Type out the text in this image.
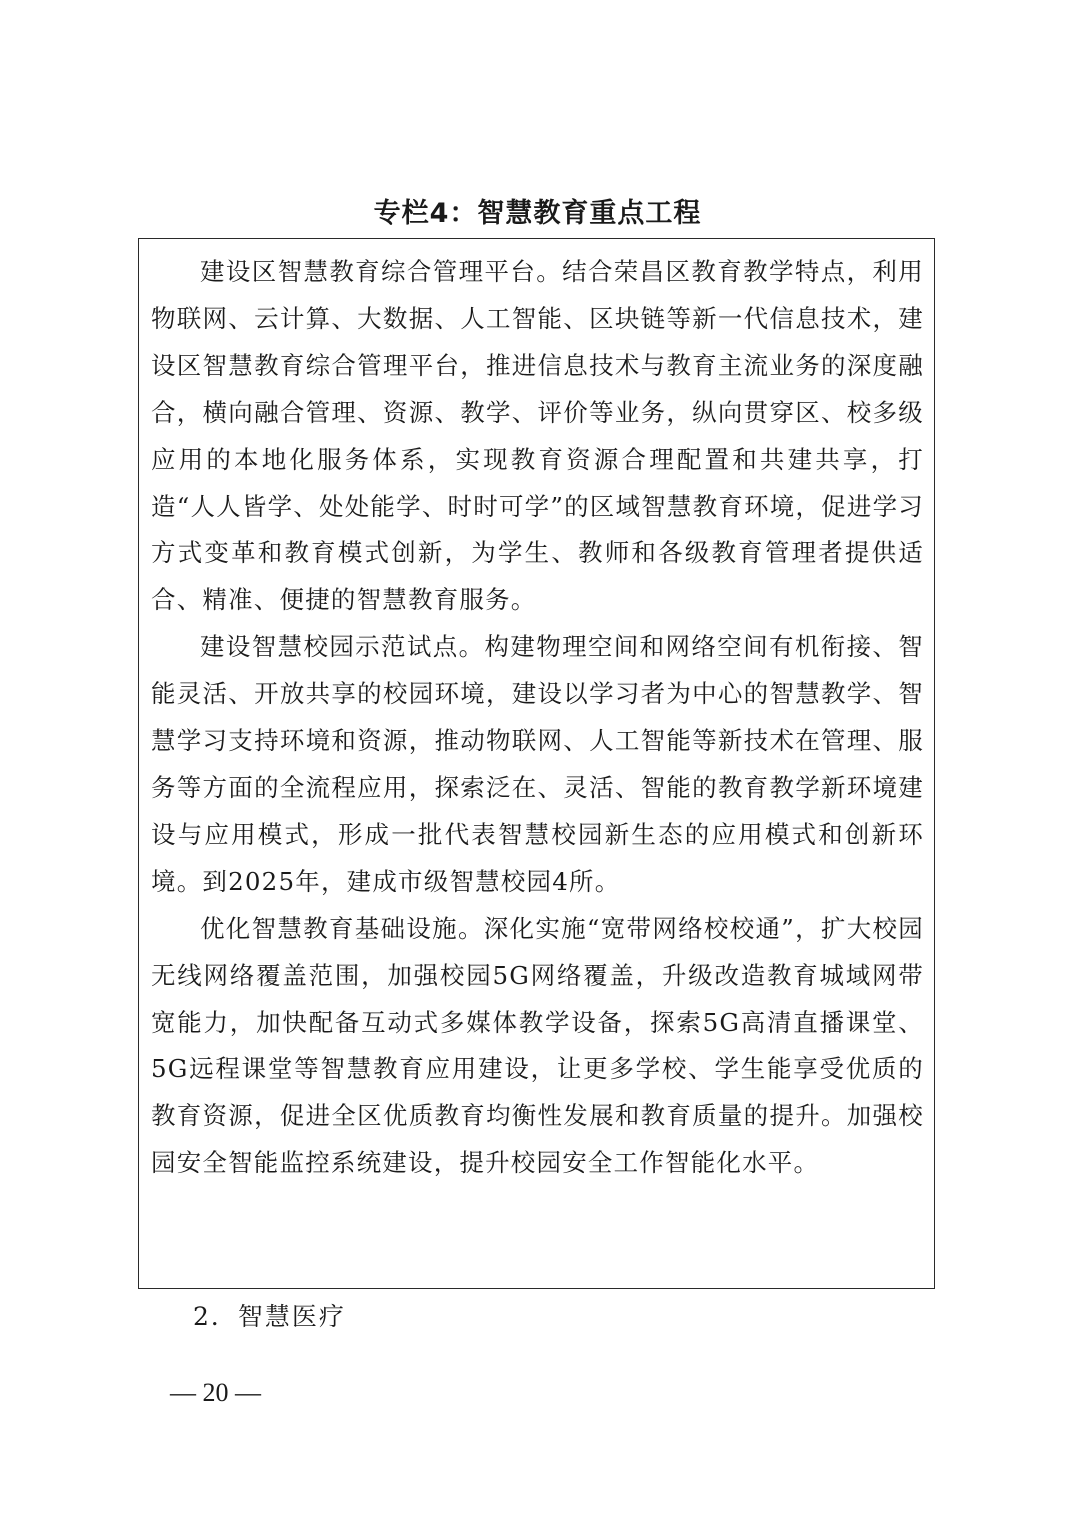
专栏4：智慧教育重点工程

建设区智慧教育综合管理平台。结合荣昌区教育教学特点，利用物联网、云计算、大数据、人工智能、区块链等新一代信息技术，建设区智慧教育综合管理平台，推进信息技术与教育主流业务的深度融合，横向融合管理、资源、教学、评价等业务，纵向贯穿区、校多级应用的本地化服务体系，实现教育资源合理配置和共建共享，打造“人人皆学、处处能学、时时可学”的区域智慧教育环境，促进学习方式变革和教育模式创新，为学生、教师和各级教育管理者提供适合、精准、便捷的智慧教育服务。

建设智慧校园示范试点。构建物理空间和网络空间有机衔接、智能灵活、开放共享的校园环境，建设以学习者为中心的智慧教学、智慧学习支持环境和资源，推动物联网、人工智能等新技术在管理、服务等方面的全流程应用，探索泛在、灵活、智能的教育教学新环境建设与应用模式，形成一批代表智慧校园新生态的应用模式和创新环境。到2025年，建成市级智慧校园4所。

优化智慧教育基础设施。深化实施“宽带网络校校通”，扩大校园无线网络覆盖范围，加强校园5G网络覆盖，升级改造教育城域网带宽能力，加快配备互动式多媒体教学设备，探索5G高清直播课堂、5G远程课堂等智慧教育应用建设，让更多学校、学生能享受优质的教育资源，促进全区优质教育均衡性发展和教育质量的提升。加强校园安全智能监控系统建设，提升校园安全工作智能化水平。

2．智慧医疗
— 20 —
